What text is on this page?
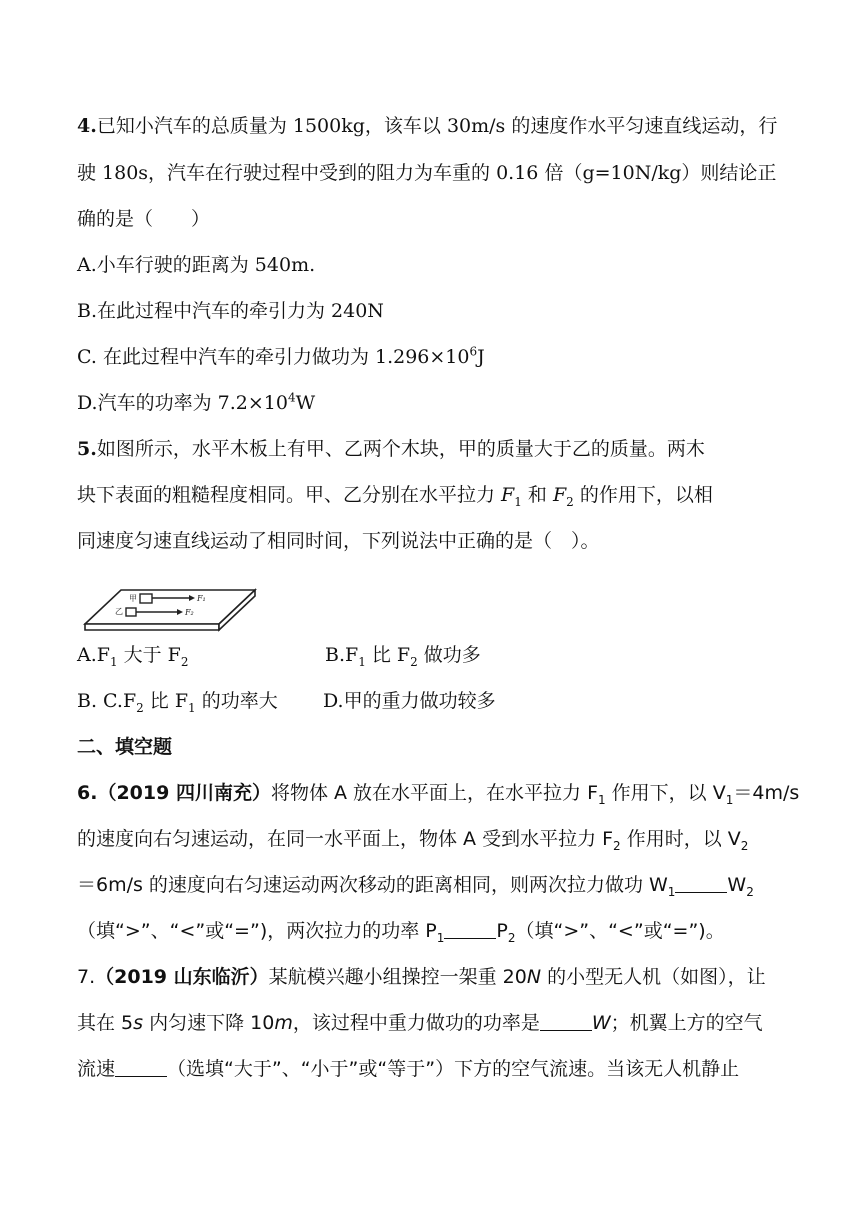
4.已知小汽车的总质量为 1500kg，该车以 30m/s 的速度作水平匀速直线运动，行
驶 180s，汽车在行驶过程中受到的阻力为车重的 0.16 倍（g=10N/kg）则结论正
确的是（　　）
A.小车行驶的距离为 540m.
B.在此过程中汽车的牵引力为 240N
C. 在此过程中汽车的牵引力做功为 $1.296\times 10^6J$
D.汽车的功率为 $7.2\times 10^4W$
5.如图所示，水平木板上有甲、乙两个木块，甲的质量大于乙的质量。两木
块下表面的粗糙程度相同。甲、乙分别在水平拉力 $F_1$ 和 $F_2$ 的作用下，以相
同速度匀速直线运动了相同时间，下列说法中正确的是（　）。
甲	F₁
乙	F₂
$A.F_1$ 大于 $F_2$	$B.F_1$ 比 $F_2$ 做功多
B. $C.F_2$ 比 $F_1$ 的功率大 D.甲的重力做功较多
二、填空题
6.（2019 四川南充）将物体 A 放在水平面上，在水平拉力 $F_1$ 作用下，以 $V_1=4m/s$
的速度向右匀速运动，在同一水平面上，物体 A 受到水平拉力 $F_2$ 作用时，以 $V_2$
＝6m/s 的速度向右匀速运动两次移动的距离相同，则两次拉力做功 $W_1$	$W_2$
（填“>”、“<”或“=”)，两次拉力的功率 $P_1$	$P_2$（填“>”、“<”或“=”)。
7.（2019 山东临沂）某航模兴趣小组操控一架重 20N 的小型无人机（如图），让
其在 5s 内匀速下降 10m，该过程中重力做功的功率是	W；机翼上方的空气
流速	（选填“大于”、“小于”或“等于”）下方的空气流速。当该无人机静止
